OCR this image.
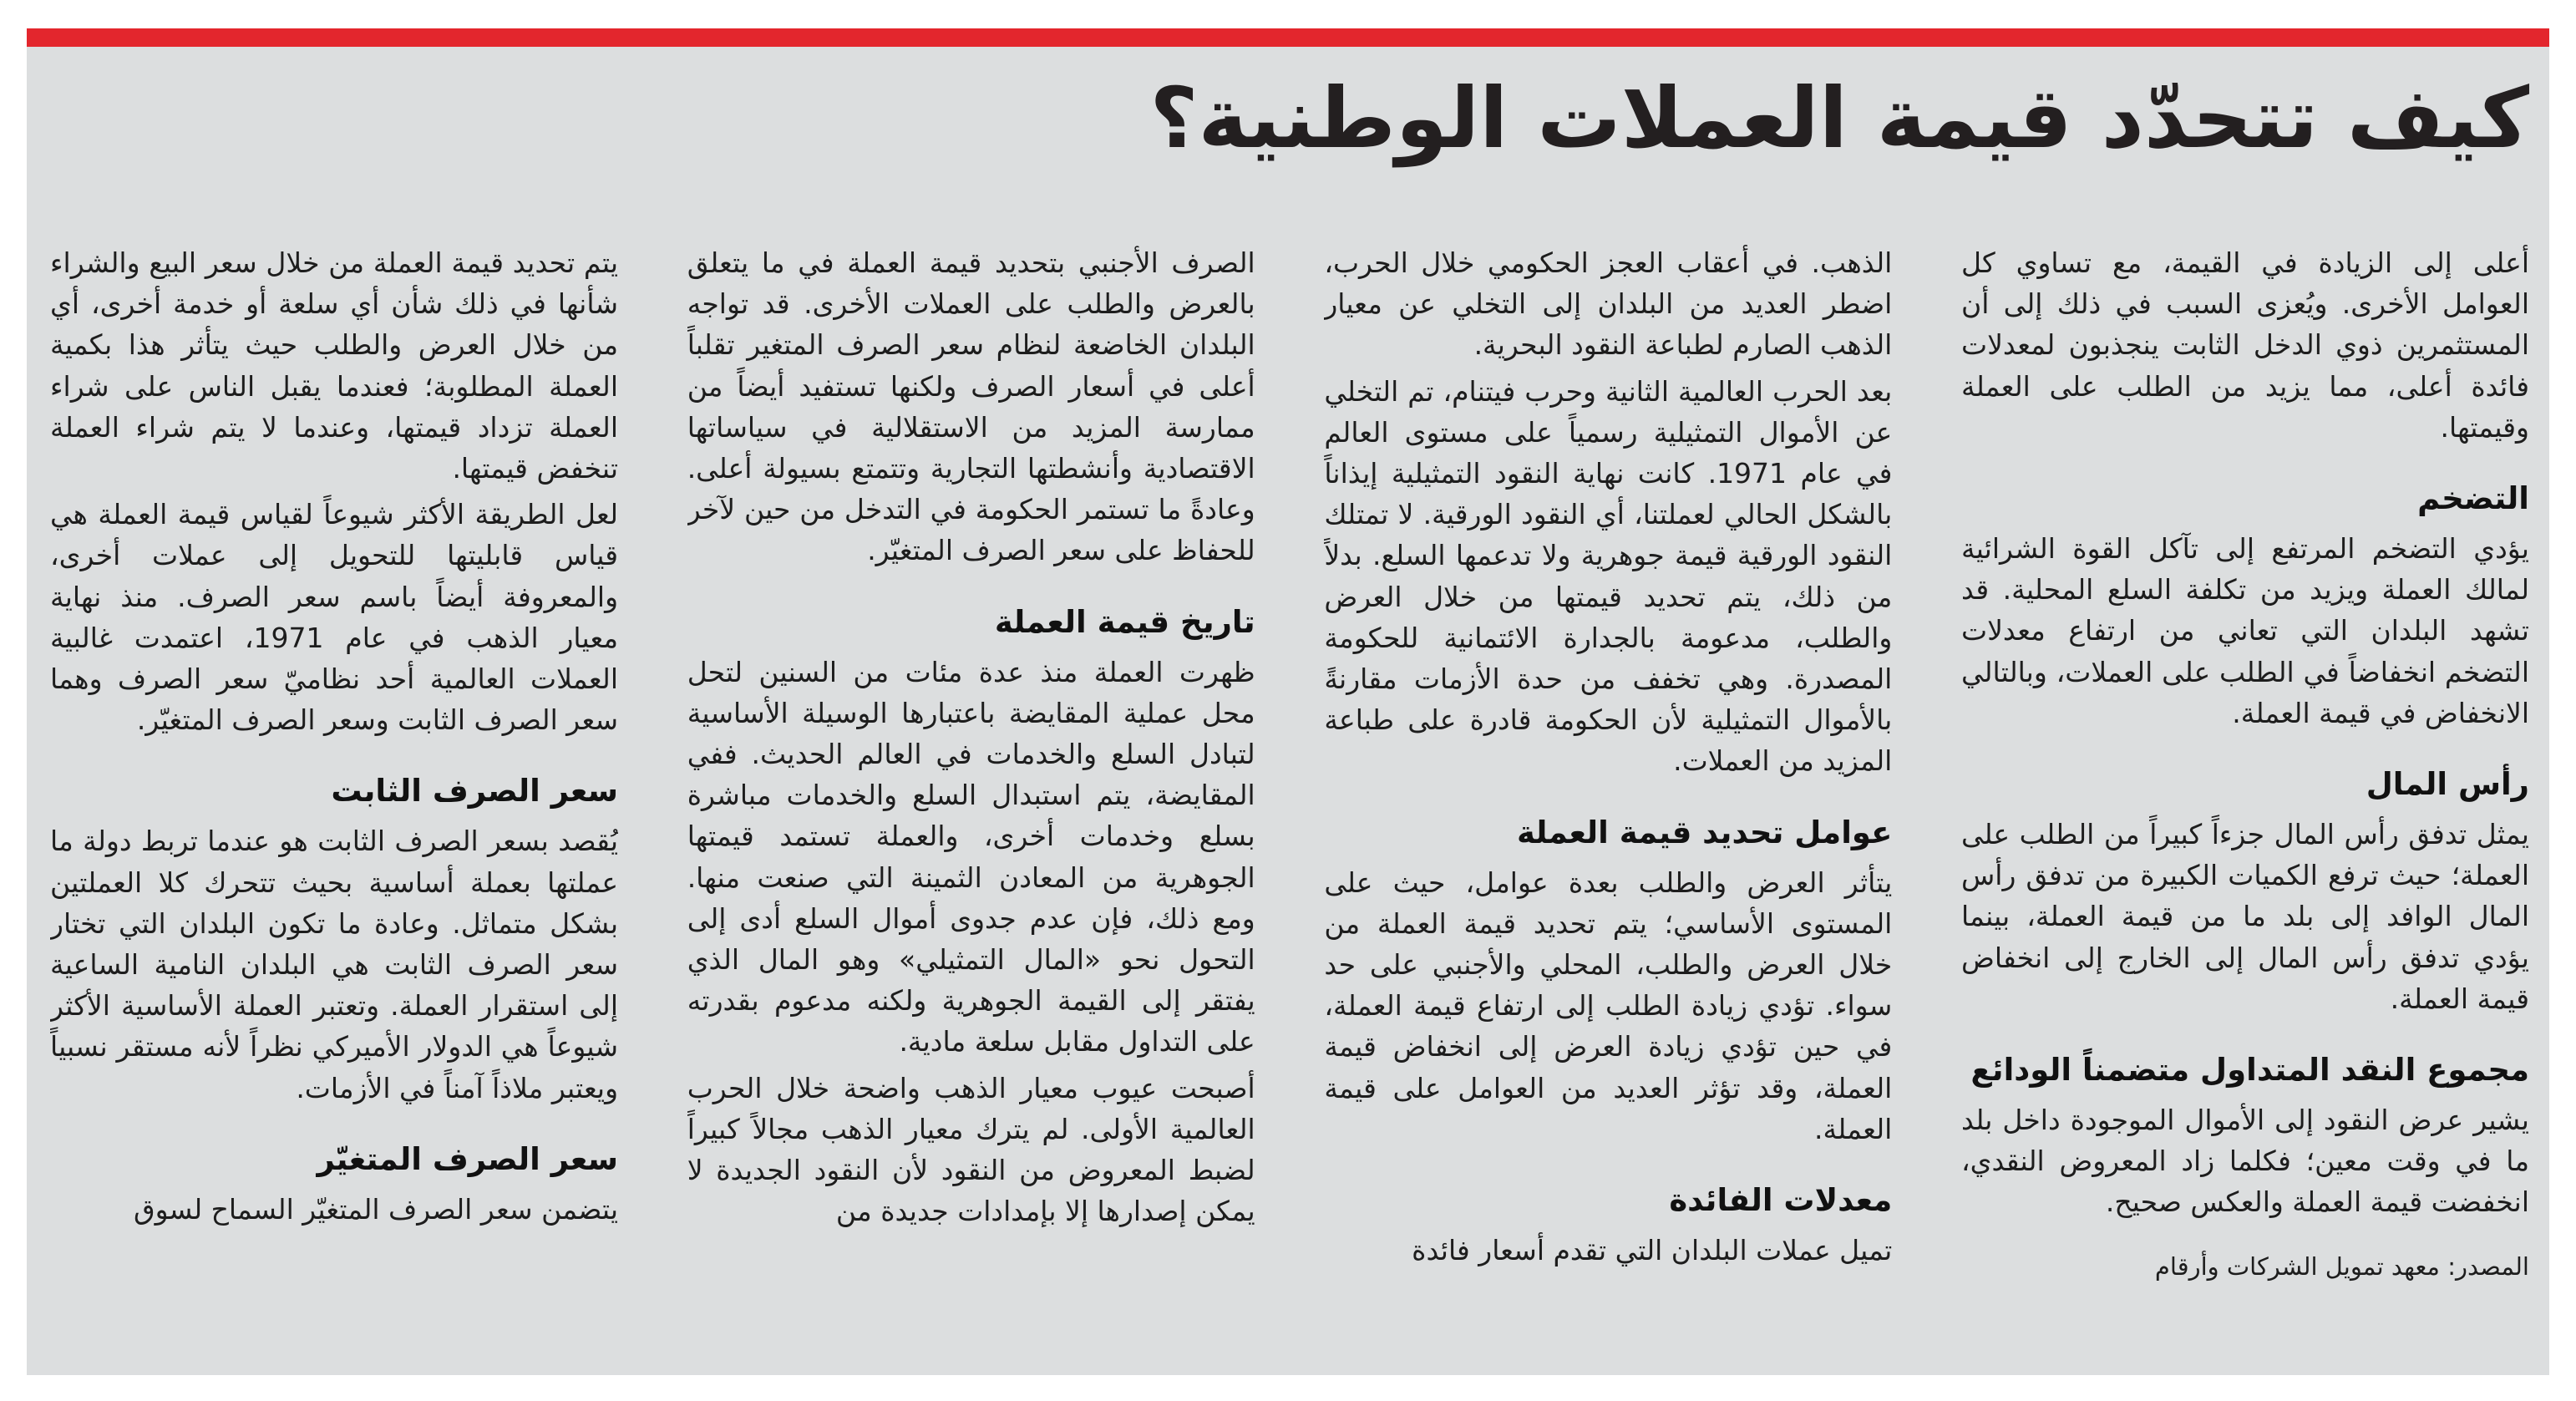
كيف تتحدّد قيمة العملات الوطنية؟

يتم تحديد قيمة العملة من خلال سعر البيع والشراء شأنها في ذلك شأن أي سلعة أو خدمة أخرى، أي من خلال العرض والطلب حيث يتأثر هذا بكمية العملة المطلوبة؛ فعندما يقبل الناس على شراء العملة تزداد قيمتها، وعندما لا يتم شراء العملة تنخفض قيمتها.

لعل الطريقة الأكثر شيوعاً لقياس قيمة العملة هي قياس قابليتها للتحويل إلى عملات أخرى، والمعروفة أيضاً باسم سعر الصرف. منذ نهاية معيار الذهب في عام 1971، اعتمدت غالبية العملات العالمية أحد نظاميّ سعر الصرف وهما سعر الصرف الثابت وسعر الصرف المتغيّر.

سعر الصرف الثابت

يُقصد بسعر الصرف الثابت هو عندما تربط دولة ما عملتها بعملة أساسية بحيث تتحرك كلا العملتين بشكل متماثل. وعادة ما تكون البلدان التي تختار سعر الصرف الثابت هي البلدان النامية الساعية إلى استقرار العملة. وتعتبر العملة الأساسية الأكثر شيوعاً هي الدولار الأميركي نظراً لأنه مستقر نسبياً ويعتبر ملاذاً آمناً في الأزمات.

سعر الصرف المتغيّر

يتضمن سعر الصرف المتغيّر السماح لسوق

الصرف الأجنبي بتحديد قيمة العملة في ما يتعلق بالعرض والطلب على العملات الأخرى. قد تواجه البلدان الخاضعة لنظام سعر الصرف المتغير تقلباً أعلى في أسعار الصرف ولكنها تستفيد أيضاً من ممارسة المزيد من الاستقلالية في سياساتها الاقتصادية وأنشطتها التجارية وتتمتع بسيولة أعلى. وعادةً ما تستمر الحكومة في التدخل من حين لآخر للحفاظ على سعر الصرف المتغيّر.

تاريخ قيمة العملة

ظهرت العملة منذ عدة مئات من السنين لتحل محل عملية المقايضة باعتبارها الوسيلة الأساسية لتبادل السلع والخدمات في العالم الحديث. ففي المقايضة، يتم استبدال السلع والخدمات مباشرة بسلع وخدمات أخرى، والعملة تستمد قيمتها الجوهرية من المعادن الثمينة التي صنعت منها. ومع ذلك، فإن عدم جدوى أموال السلع أدى إلى التحول نحو «المال التمثيلي» وهو المال الذي يفتقر إلى القيمة الجوهرية ولكنه مدعوم بقدرته على التداول مقابل سلعة مادية.

أصبحت عيوب معيار الذهب واضحة خلال الحرب العالمية الأولى. لم يترك معيار الذهب مجالاً كبيراً لضبط المعروض من النقود لأن النقود الجديدة لا يمكن إصدارها إلا بإمدادات جديدة من

الذهب. في أعقاب العجز الحكومي خلال الحرب، اضطر العديد من البلدان إلى التخلي عن معيار الذهب الصارم لطباعة النقود البحرية.

بعد الحرب العالمية الثانية وحرب فيتنام، تم التخلي عن الأموال التمثيلية رسمياً على مستوى العالم في عام 1971. كانت نهاية النقود التمثيلية إيذاناً بالشكل الحالي لعملتنا، أي النقود الورقية. لا تمتلك النقود الورقية قيمة جوهرية ولا تدعمها السلع. بدلاً من ذلك، يتم تحديد قيمتها من خلال العرض والطلب، مدعومة بالجدارة الائتمانية للحكومة المصدرة. وهي تخفف من حدة الأزمات مقارنةً بالأموال التمثيلية لأن الحكومة قادرة على طباعة المزيد من العملات.

عوامل تحديد قيمة العملة

يتأثر العرض والطلب بعدة عوامل، حيث على المستوى الأساسي؛ يتم تحديد قيمة العملة من خلال العرض والطلب، المحلي والأجنبي على حد سواء. تؤدي زيادة الطلب إلى ارتفاع قيمة العملة، في حين تؤدي زيادة العرض إلى انخفاض قيمة العملة، وقد تؤثر العديد من العوامل على قيمة العملة.

معدلات الفائدة

تميل عملات البلدان التي تقدم أسعار فائدة

أعلى إلى الزيادة في القيمة، مع تساوي كل العوامل الأخرى. ويُعزى السبب في ذلك إلى أن المستثمرين ذوي الدخل الثابت ينجذبون لمعدلات فائدة أعلى، مما يزيد من الطلب على العملة وقيمتها.

التضخم

يؤدي التضخم المرتفع إلى تآكل القوة الشرائية لمالك العملة ويزيد من تكلفة السلع المحلية. قد تشهد البلدان التي تعاني من ارتفاع معدلات التضخم انخفاضاً في الطلب على العملات، وبالتالي الانخفاض في قيمة العملة.

رأس المال

يمثل تدفق رأس المال جزءاً كبيراً من الطلب على العملة؛ حيث ترفع الكميات الكبيرة من تدفق رأس المال الوافد إلى بلد ما من قيمة العملة، بينما يؤدي تدفق رأس المال إلى الخارج إلى انخفاض قيمة العملة.

مجموع النقد المتداول متضمناً الودائع

يشير عرض النقود إلى الأموال الموجودة داخل بلد ما في وقت معين؛ فكلما زاد المعروض النقدي، انخفضت قيمة العملة والعكس صحيح.

المصدر: معهد تمويل الشركات وأرقام
